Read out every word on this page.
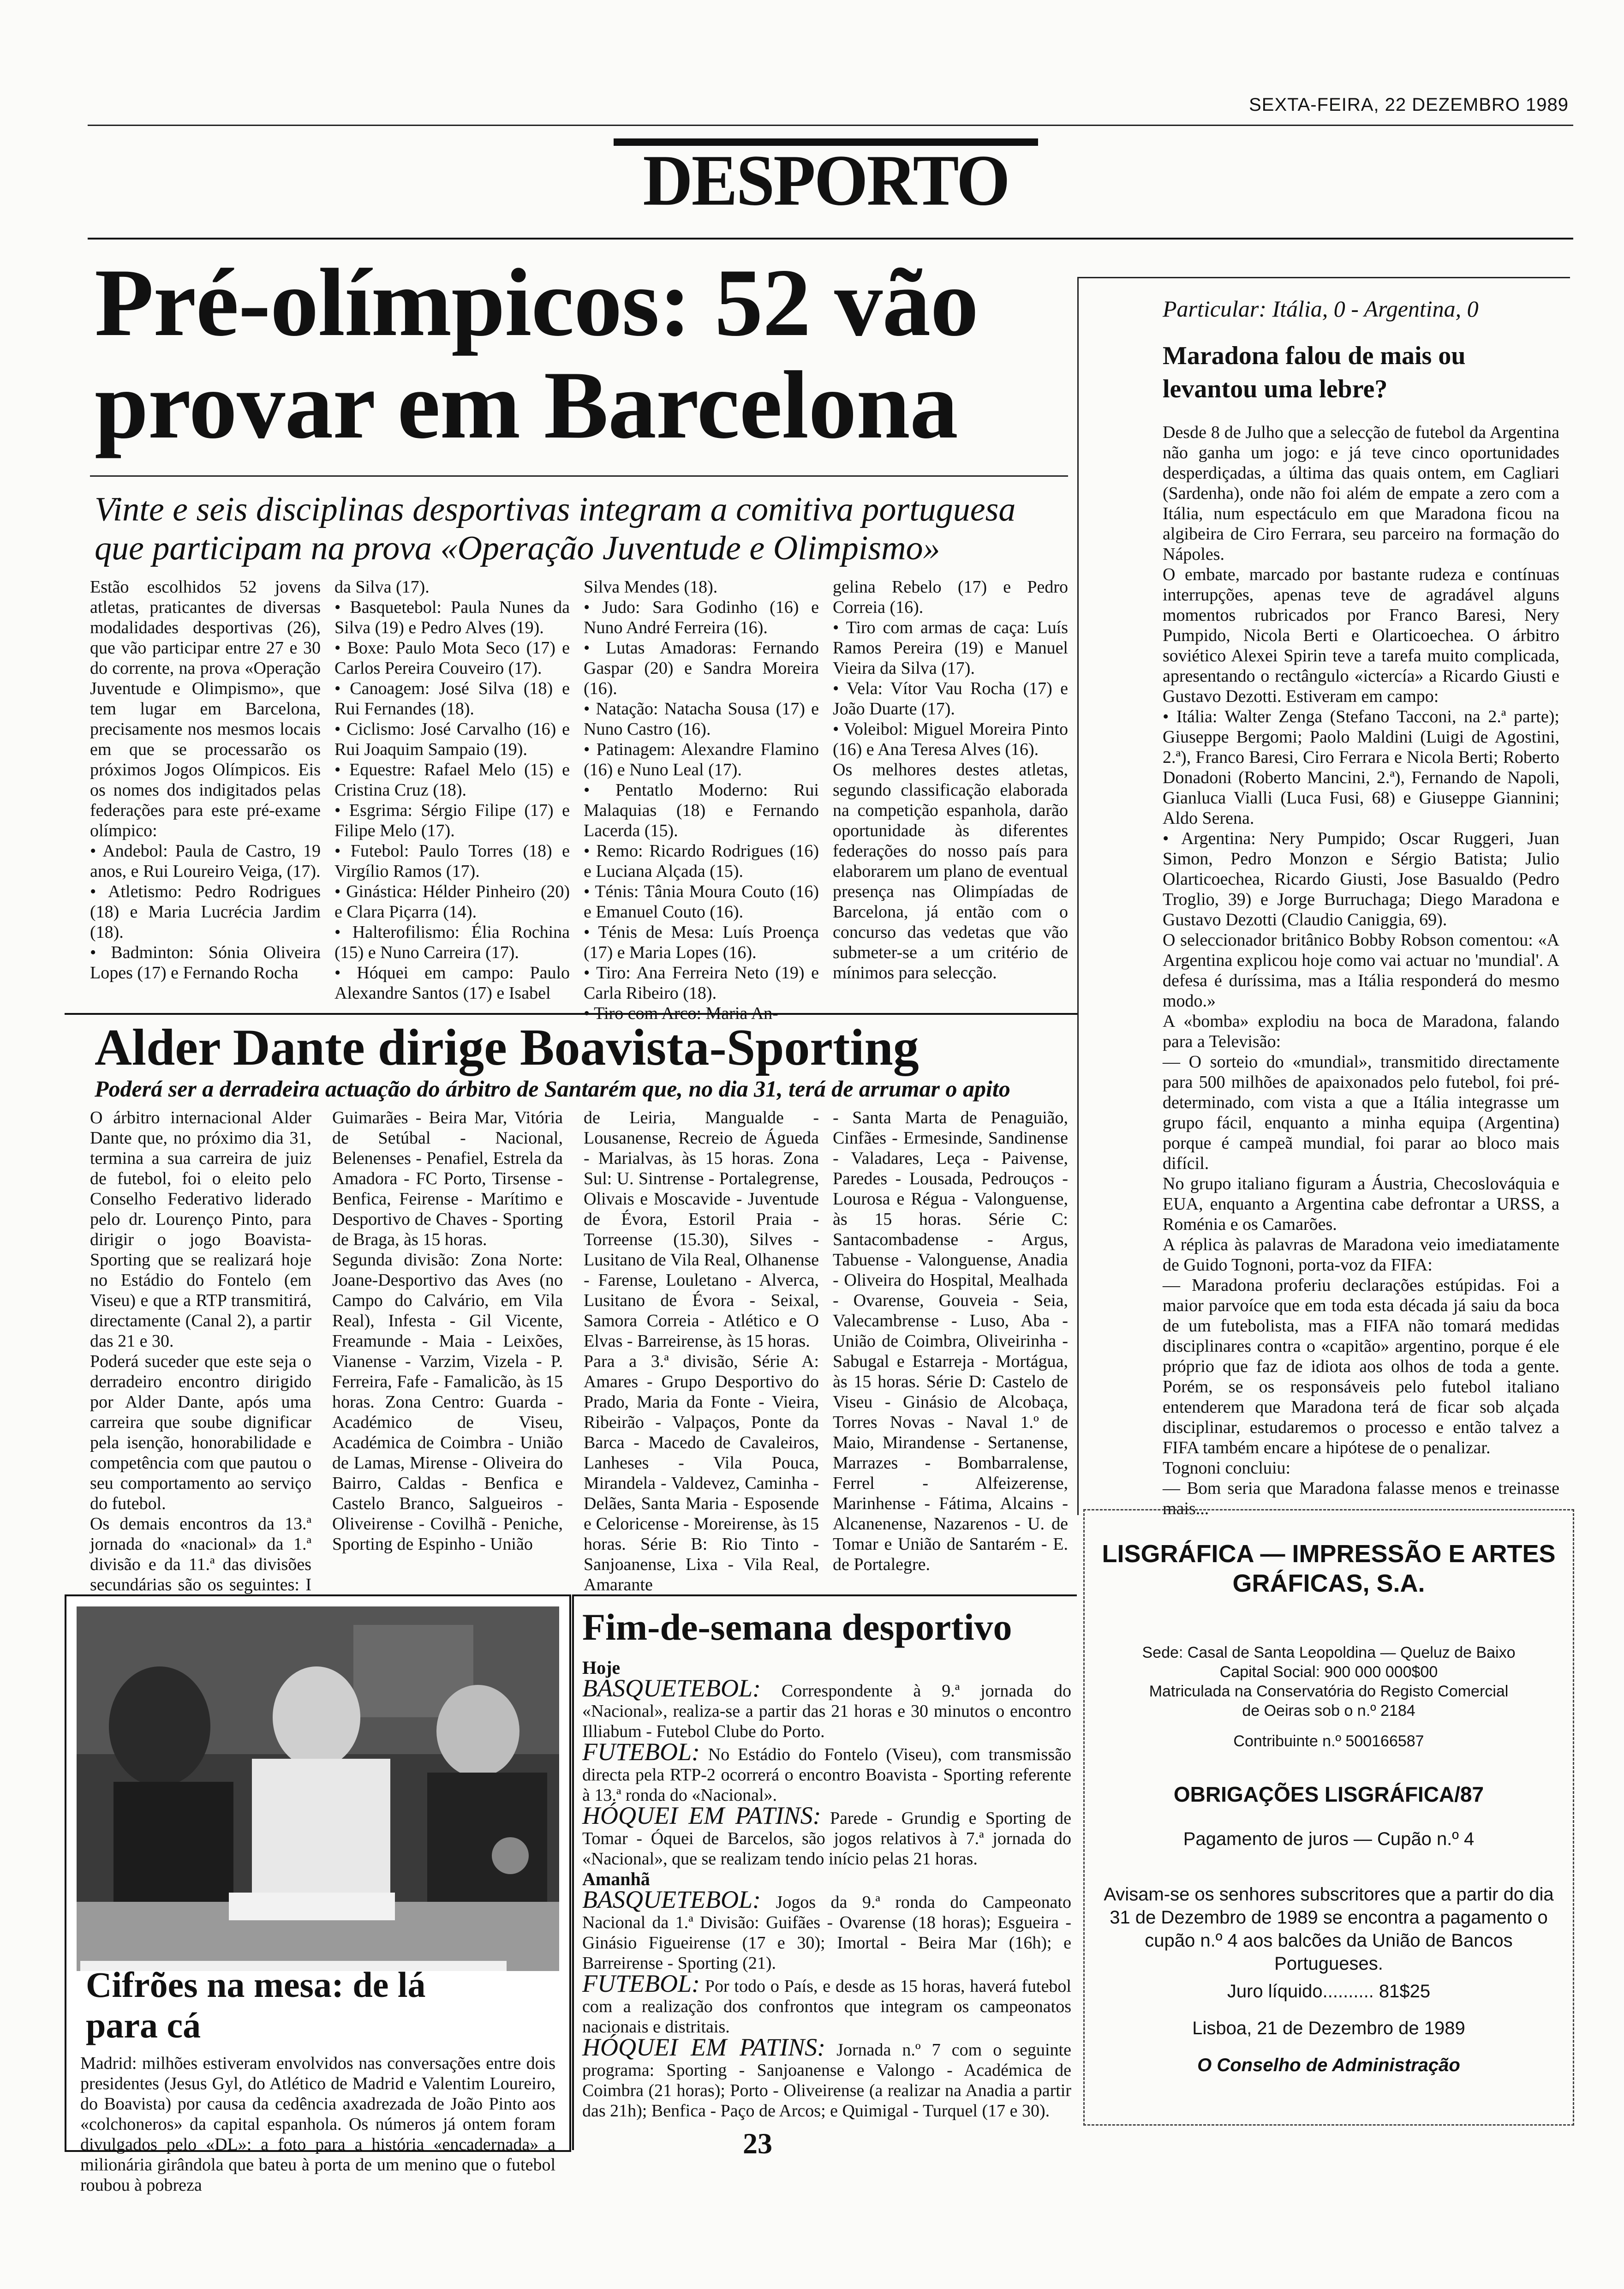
SEXTA-FEIRA, 22 DEZEMBRO 1989
DESPORTO
Pré-olímpicos: 52 vão provar em Barcelona
Vinte e seis disciplinas desportivas integram a comitiva portuguesa que participam na prova «Operação Juventude e Olimpismo»
Estão escolhidos 52 jovens atletas, praticantes de diversas modalidades desportivas (26), que vão participar entre 27 e 30 do corrente, na prova «Operação Juventude e Olimpismo», que tem lugar em Barcelona, precisamente nos mesmos locais em que se processarão os próximos Jogos Olímpicos. Eis os nomes dos indigitados pelas federações para este pré-exame olímpico:
• Andebol: Paula de Castro, 19 anos, e Rui Loureiro Veiga, (17).
• Atletismo: Pedro Rodrigues (18) e Maria Lucrécia Jardim (18).
• Badminton: Sónia Oliveira Lopes (17) e Fernando Rocha
da Silva (17).
• Basquetebol: Paula Nunes da Silva (19) e Pedro Alves (19).
• Boxe: Paulo Mota Seco (17) e Carlos Pereira Couveiro (17).
• Canoagem: José Silva (18) e Rui Fernandes (18).
• Ciclismo: José Carvalho (16) e Rui Joaquim Sampaio (19).
• Equestre: Rafael Melo (15) e Cristina Cruz (18).
• Esgrima: Sérgio Filipe (17) e Filipe Melo (17).
• Futebol: Paulo Torres (18) e Virgílio Ramos (17).
• Ginástica: Hélder Pinheiro (20) e Clara Piçarra (14).
• Halterofilismo: Élia Rochina (15) e Nuno Carreira (17).
• Hóquei em campo: Paulo Alexandre Santos (17) e Isabel
Silva Mendes (18).
• Judo: Sara Godinho (16) e Nuno André Ferreira (16).
• Lutas Amadoras: Fernando Gaspar (20) e Sandra Moreira (16).
• Natação: Natacha Sousa (17) e Nuno Castro (16).
• Patinagem: Alexandre Flamino (16) e Nuno Leal (17).
• Pentatlo Moderno: Rui Malaquias (18) e Fernando Lacerda (15).
• Remo: Ricardo Rodrigues (16) e Luciana Alçada (15).
• Ténis: Tânia Moura Couto (16) e Emanuel Couto (16).
• Ténis de Mesa: Luís Proença (17) e Maria Lopes (16).
• Tiro: Ana Ferreira Neto (19) e Carla Ribeiro (18).
• Tiro com Arco: Maria An-
gelina Rebelo (17) e Pedro Correia (16).
• Tiro com armas de caça: Luís Ramos Pereira (19) e Manuel Vieira da Silva (17).
• Vela: Vítor Vau Rocha (17) e João Duarte (17).
• Voleibol: Miguel Moreira Pinto (16) e Ana Teresa Alves (16).
Os melhores destes atletas, segundo classificação elaborada na competição espanhola, darão oportunidade às diferentes federações do nosso país para elaborarem um plano de eventual presença nas Olimpíadas de Barcelona, já então com o concurso das vedetas que vão submeter-se a um critério de mínimos para selecção.
Particular: Itália, 0 - Argentina, 0
Maradona falou de mais ou levantou uma lebre?
Desde 8 de Julho que a selecção de futebol da Argentina não ganha um jogo: e já teve cinco oportunidades desperdiçadas, a última das quais ontem, em Cagliari (Sardenha), onde não foi além de empate a zero com a Itália, num espectáculo em que Maradona ficou na algibeira de Ciro Ferrara, seu parceiro na formação do Nápoles.
O embate, marcado por bastante rudeza e contínuas interrupções, apenas teve de agradável alguns momentos rubricados por Franco Baresi, Nery Pumpido, Nicola Berti e Olarticoechea. O árbitro soviético Alexei Spirin teve a tarefa muito complicada, apresentando o rectângulo «ictercía» a Ricardo Giusti e Gustavo Dezotti. Estiveram em campo:
• Itália: Walter Zenga (Stefano Tacconi, na 2.ª parte); Giuseppe Bergomi; Paolo Maldini (Luigi de Agostini, 2.ª), Franco Baresi, Ciro Ferrara e Nicola Berti; Roberto Donadoni (Roberto Mancini, 2.ª), Fernando de Napoli, Gianluca Vialli (Luca Fusi, 68) e Giuseppe Giannini; Aldo Serena.
• Argentina: Nery Pumpido; Oscar Ruggeri, Juan Simon, Pedro Monzon e Sérgio Batista; Julio Olarticoechea, Ricardo Giusti, Jose Basualdo (Pedro Troglio, 39) e Jorge Burruchaga; Diego Maradona e Gustavo Dezotti (Claudio Caniggia, 69).
O seleccionador britânico Bobby Robson comentou: «A Argentina explicou hoje como vai actuar no 'mundial'. A defesa é duríssima, mas a Itália responderá do mesmo modo.»
A «bomba» explodiu na boca de Maradona, falando para a Televisão:
— O sorteio do «mundial», transmitido directamente para 500 milhões de apaixonados pelo futebol, foi pré-determinado, com vista a que a Itália integrasse um grupo fácil, enquanto a minha equipa (Argentina) porque é campeã mundial, foi parar ao bloco mais difícil.
No grupo italiano figuram a Áustria, Checoslováquia e EUA, enquanto a Argentina cabe defrontar a URSS, a Roménia e os Camarões.
A réplica às palavras de Maradona veio imediatamente de Guido Tognoni, porta-voz da FIFA:
— Maradona proferiu declarações estúpidas. Foi a maior parvoíce que em toda esta década já saiu da boca de um futebolista, mas a FIFA não tomará medidas disciplinares contra o «capitão» argentino, porque é ele próprio que faz de idiota aos olhos de toda a gente. Porém, se os responsáveis pelo futebol italiano entenderem que Maradona terá de ficar sob alçada disciplinar, estudaremos o processo e então talvez a FIFA também encare a hipótese de o penalizar.
Tognoni concluiu:
— Bom seria que Maradona falasse menos e treinasse mais...
Alder Dante dirige Boavista-Sporting
Poderá ser a derradeira actuação do árbitro de Santarém que, no dia 31, terá de arrumar o apito
O árbitro internacional Alder Dante que, no próximo dia 31, termina a sua carreira de juiz de futebol, foi o eleito pelo Conselho Federativo liderado pelo dr. Lourenço Pinto, para dirigir o jogo Boavista-Sporting que se realizará hoje no Estádio do Fontelo (em Viseu) e que a RTP transmitirá, directamente (Canal 2), a partir das 21 e 30.
Poderá suceder que este seja o derradeiro encontro dirigido por Alder Dante, após uma carreira que soube dignificar pela isenção, honorabilidade e competência com que pautou o seu comportamento ao serviço do futebol.
Os demais encontros da 13.ª jornada do «nacional» da 1.ª divisão e da 11.ª das divisões secundárias são os seguintes: I
Guimarães - Beira Mar, Vitória de Setúbal - Nacional, Belenenses - Penafiel, Estrela da Amadora - FC Porto, Tirsense - Benfica, Feirense - Marítimo e Desportivo de Chaves - Sporting de Braga, às 15 horas.
Segunda divisão: Zona Norte: Joane-Desportivo das Aves (no Campo do Calvário, em Vila Real), Infesta - Gil Vicente, Freamunde - Maia - Leixões, Vianense - Varzim, Vizela - P. Ferreira, Fafe - Famalicão, às 15 horas. Zona Centro: Guarda - Académico de Viseu, Académica de Coimbra - União de Lamas, Mirense - Oliveira do Bairro, Caldas - Benfica e Castelo Branco, Salgueiros - Oliveirense - Covilhã - Peniche, Sporting de Espinho - União
de Leiria, Mangualde - Lousanense, Recreio de Águeda - Marialvas, às 15 horas. Zona Sul: U. Sintrense - Portalegrense, Olivais e Moscavide - Juventude de Évora, Estoril Praia - Torreense (15.30), Silves - Lusitano de Vila Real, Olhanense - Farense, Louletano - Alverca, Lusitano de Évora - Seixal, Samora Correia - Atlético e O Elvas - Barreirense, às 15 horas.
Para a 3.ª divisão, Série A: Amares - Grupo Desportivo do Prado, Maria da Fonte - Vieira, Ribeirão - Valpaços, Ponte da Barca - Macedo de Cavaleiros, Lanheses - Vila Pouca, Mirandela - Valdevez, Caminha - Delães, Santa Maria - Esposende e Celoricense - Moreirense, às 15 horas. Série B: Rio Tinto - Sanjoanense, Lixa - Vila Real, Amarante
- Santa Marta de Penaguião, Cinfães - Ermesinde, Sandinense - Valadares, Leça - Paivense, Paredes - Lousada, Pedrouços - Lourosa e Régua - Valonguense, às 15 horas. Série C: Santacombadense - Argus, Tabuense - Valonguense, Anadia - Oliveira do Hospital, Mealhada - Ovarense, Gouveia - Seia, Valecambrense - Luso, Aba - União de Coimbra, Oliveirinha - Sabugal e Estarreja - Mortágua, às 15 horas. Série D: Castelo de Viseu - Ginásio de Alcobaça, Torres Novas - Naval 1.º de Maio, Mirandense - Sertanense, Marrazes - Bombarralense, Ferrel - Alfeizerense, Marinhense - Fátima, Alcains - Alcanenense, Nazarenos - U. de Tomar e União de Santarém - E. de Portalegre.
Cifrões na mesa: de lá para cá
Madrid: milhões estiveram envolvidos nas conversações entre dois presidentes (Jesus Gyl, do Atlético de Madrid e Valentim Loureiro, do Boavista) por causa da cedência axadrezada de João Pinto aos «colchoneros» da capital espanhola. Os números já ontem foram divulgados pelo «DL»: a foto para a história «encadernada» a milionária girândola que bateu à porta de um menino que o futebol roubou à pobreza
Fim-de-semana desportivo
Hoje
BASQUETEBOL: Correspondente à 9.ª jornada do «Nacional», realiza-se a partir das 21 horas e 30 minutos o encontro Illiabum - Futebol Clube do Porto.
FUTEBOL: No Estádio do Fontelo (Viseu), com transmissão directa pela RTP-2 ocorrerá o encontro Boavista - Sporting referente à 13.ª ronda do «Nacional».
HÓQUEI EM PATINS: Parede - Grundig e Sporting de Tomar - Óquei de Barcelos, são jogos relativos à 7.ª jornada do «Nacional», que se realizam tendo início pelas 21 horas.
Amanhã
BASQUETEBOL: Jogos da 9.ª ronda do Campeonato Nacional da 1.ª Divisão: Guifães - Ovarense (18 horas); Esgueira - Ginásio Figueirense (17 e 30); Imortal - Beira Mar (16h); e Barreirense - Sporting (21).
FUTEBOL: Por todo o País, e desde as 15 horas, haverá futebol com a realização dos confrontos que integram os campeonatos nacionais e distritais.
HÓQUEI EM PATINS: Jornada n.º 7 com o seguinte programa: Sporting - Sanjoanense e Valongo - Académica de Coimbra (21 horas); Porto - Oliveirense (a realizar na Anadia a partir das 21h); Benfica - Paço de Arcos; e Quimigal - Turquel (17 e 30).
LISGRÁFICA — IMPRESSÃO E ARTES GRÁFICAS, S.A.
Sede: Casal de Santa Leopoldina — Queluz de Baixo
Capital Social: 900 000 000$00
Matriculada na Conservatória do Registo Comercial
de Oeiras sob o n.º 2184
Contribuinte n.º 500166587
OBRIGAÇÕES LISGRÁFICA/87
Pagamento de juros — Cupão n.º 4
Avisam-se os senhores subscritores que a partir do dia 31 de Dezembro de 1989 se encontra a pagamento o cupão n.º 4 aos balcões da União de Bancos Portugueses.
Juro líquido.......... 81$25
Lisboa, 21 de Dezembro de 1989
O Conselho de Administração
23
